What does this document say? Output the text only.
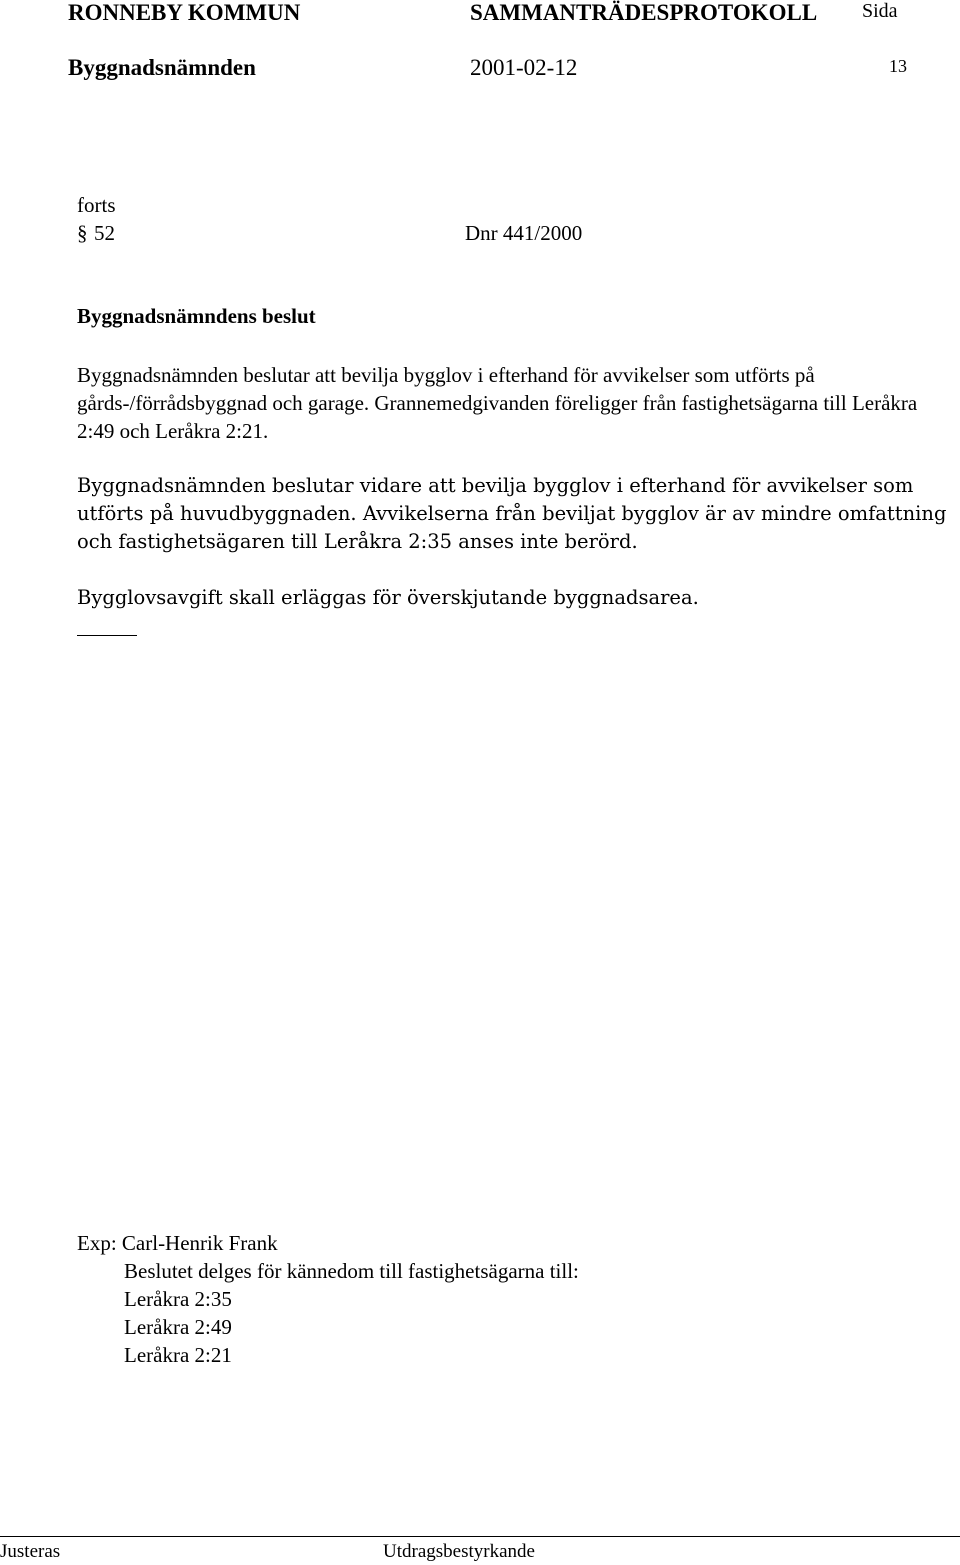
RONNEBY KOMMUN	SAMMANTRÄDESPROTOKOLL Sida
Byggnadsnämnden	2001-02-12	13
forts
§ 52	Dnr 441/2000
Byggnadsnämndens beslut

Byggnadsnämnden beslutar att bevilja bygglov i efterhand för avvikelser som utförts på gårds-/förrådsbyggnad och garage. Grannemedgivanden föreligger från fastighetsägarna till Leråkra 2:49 och Leråkra 2:21.

Byggnadsnämnden beslutar vidare att bevilja bygglov i efterhand för avvikelser som utförts på huvudbyggnaden. Avvikelserna från beviljat bygglov är av mindre omfattning och fastighetsägaren till Leråkra 2:35 anses inte berörd.

Bygglovsavgift skall erläggas för överskjutande byggnadsarea.
Exp: Carl-Henrik Frank
Beslutet delges för kännedom till fastighetsägarna till:
Leråkra 2:35
Leråkra 2:49
Leråkra 2:21
Justeras	Utdragsbestyrkande
